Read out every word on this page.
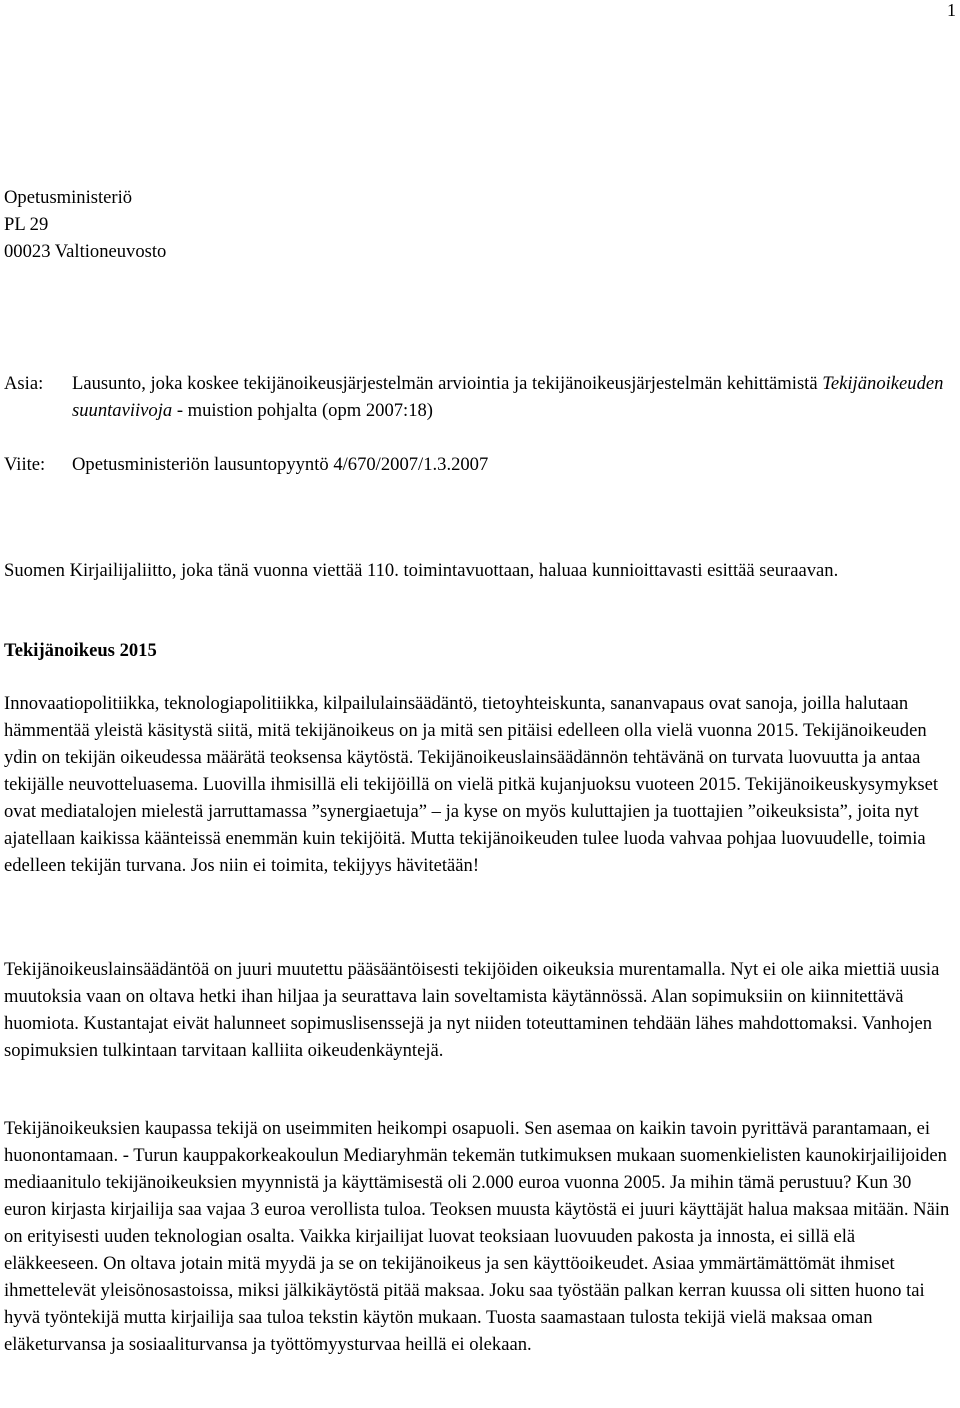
1
Opetusministeriö
PL 29
00023 Valtioneuvosto
Asia:	Lausunto, joka koskee tekijänoikeusjärjestelmän arviointia ja tekijänoikeusjärjestelmän kehittämistä Tekijänoikeuden suuntaviivoja - muistion pohjalta (opm 2007:18)
Viite:	Opetusministeriön lausuntopyyntö 4/670/2007/1.3.2007

Suomen Kirjailijaliitto, joka tänä vuonna viettää 110. toimintavuottaan, haluaa kunnioittavasti esittää seuraavan.

Tekijänoikeus 2015

Innovaatiopolitiikka, teknologiapolitiikka, kilpailulainsäädäntö, tietoyhteiskunta, sananvapaus ovat sanoja, joilla halutaan hämmentää yleistä käsitystä siitä, mitä tekijänoikeus on ja mitä sen pitäisi edelleen olla vielä vuonna 2015. Tekijänoikeuden ydin on tekijän oikeudessa määrätä teoksensa käytöstä. Tekijänoikeuslainsäädännön tehtävänä on turvata luovuutta ja antaa tekijälle neuvotteluasema. Luovilla ihmisillä eli tekijöillä on vielä pitkä kujanjuoksu vuoteen 2015. Tekijänoikeuskysymykset ovat mediatalojen mielestä jarruttamassa ”synergiaetuja” – ja kyse on myös kuluttajien ja tuottajien ”oikeuksista”, joita nyt ajatellaan kaikissa käänteissä enemmän kuin tekijöitä. Mutta tekijänoikeuden tulee luoda vahvaa pohjaa luovuudelle, toimia edelleen tekijän turvana. Jos niin ei toimita, tekijyys hävitetään!

Tekijänoikeuslainsäädäntöä on juuri muutettu pääsääntöisesti tekijöiden oikeuksia murentamalla. Nyt ei ole aika miettiä uusia muutoksia vaan on oltava hetki ihan hiljaa ja seurattava lain soveltamista käytännössä. Alan sopimuksiin on kiinnitettävä huomiota. Kustantajat eivät halunneet sopimuslisenssejä ja nyt niiden toteuttaminen tehdään lähes mahdottomaksi. Vanhojen sopimuksien tulkintaan tarvitaan kalliita oikeudenkäyntejä.

Tekijänoikeuksien kaupassa tekijä on useimmiten heikompi osapuoli. Sen asemaa on kaikin tavoin pyrittävä parantamaan, ei huonontamaan. - Turun kauppakorkeakoulun Mediaryhmän tekemän tutkimuksen mukaan suomenkielisten kaunokirjailijoiden mediaanitulo tekijänoikeuksien myynnistä ja käyttämisestä oli 2.000 euroa vuonna 2005. Ja mihin tämä perustuu? Kun 30 euron kirjasta kirjailija saa vajaa 3 euroa verollista tuloa. Teoksen muusta käytöstä ei juuri käyttäjät halua maksaa mitään. Näin on erityisesti uuden teknologian osalta. Vaikka kirjailijat luovat teoksiaan luovuuden pakosta ja innosta, ei sillä elä eläkkeeseen. On oltava jotain mitä myydä ja se on tekijänoikeus ja sen käyttöoikeudet. Asiaa ymmärtämättömät ihmiset ihmettelevät yleisönosastoissa, miksi jälkikäytöstä pitää maksaa. Joku saa työstään palkan kerran kuussa oli sitten huono tai hyvä työntekijä mutta kirjailija saa tuloa tekstin käytön mukaan. Tuosta saamastaan tulosta tekijä vielä maksaa oman eläketurvansa ja sosiaaliturvansa ja työttömyysturvaa heillä ei olekaan.
